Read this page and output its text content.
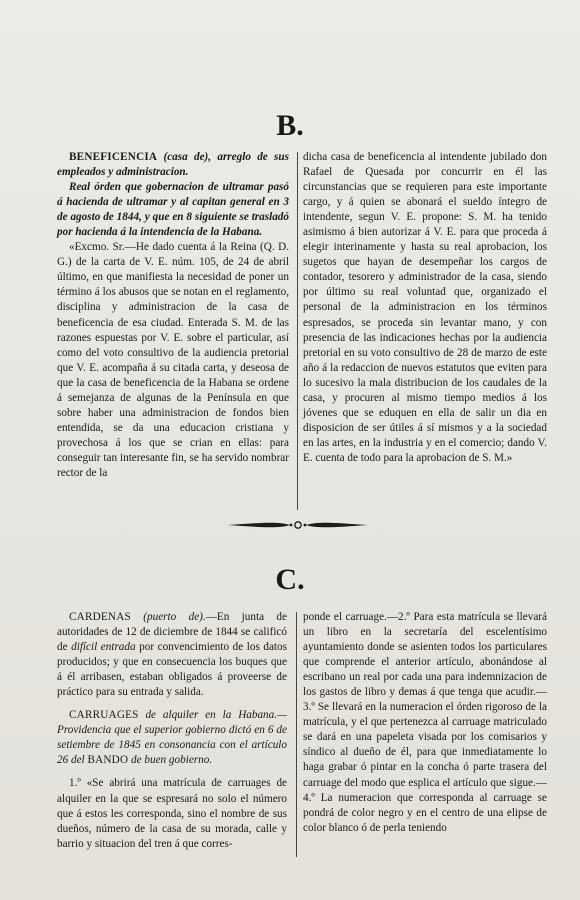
B.

BENEFICENCIA (casa de), arreglo de sus empleados y administracion.

Real órden que gobernacion de ultramar pasó á hacienda de ultramar y al capitan general en 3 de agosto de 1844, y que en 8 siguiente se trasladó por hacienda á la intendencia de la Habana.

«Excmo. Sr.—He dado cuenta á la Reina (Q. D. G.) de la carta de V. E. núm. 105, de 24 de abril último, en que manifiesta la necesidad de poner un término á los abusos que se notan en el reglamento, disciplina y administracion de la casa de beneficencia de esa ciudad. Enterada S. M. de las razones espuestas por V. E. sobre el particular, así como del voto consultivo de la audiencia pretorial que V. E. acompaña á su citada carta, y deseosa de que la casa de beneficencia de la Habana se ordene á semejanza de algunas de la Península en que sobre haber una administracion de fondos bien entendida, se da una educacion cristiana y provechosa á los que se crian en ellas: para conseguir tan interesante fin, se ha servido nombrar rector de la

dicha casa de beneficencia al intendente jubilado don Rafael de Quesada por concurrir en él las circunstancias que se requieren para este importante cargo, y á quien se abonará el sueldo íntegro de intendente, segun V. E. propone: S. M. ha tenido asimismo á bien autorizar á V. E. para que proceda á elegir interinamente y hasta su real aprobacion, los sugetos que hayan de desempeñar los cargos de contador, tesorero y administrador de la casa, siendo por último su real voluntad que, organizado el personal de la administracion en los términos espresados, se proceda sin levantar mano, y con presencia de las indicaciones hechas por la audiencia pretorial en su voto consultivo de 28 de marzo de este año á la redaccion de nuevos estatutos que eviten para lo sucesivo la mala distribucion de los caudales de la casa, y procuren al mismo tiempo medios á los jóvenes que se eduquen en ella de salir un dia en disposicion de ser útiles á sí mismos y a la sociedad en las artes, en la industria y en el comercio; dando V. E. cuenta de todo para la aprobacion de S. M.»

C.

CARDENAS (puerto de).—En junta de autoridades de 12 de diciembre de 1844 se calificó de difícil entrada por convencimiento de los datos producidos; y que en consecuencia los buques que á él arribasen, estaban obligados á proveerse de práctico para su entrada y salida.

CARRUAGES de alquiler en la Habana.—Providencia que el superior gobierno dictó en 6 de setiembre de 1845 en consonancia con el artículo 26 del BANDO de buen gobierno.

1.º «Se abrirá una matrícula de carruages de alquiler en la que se espresará no solo el número que á estos les corresponda, sino el nombre de sus dueños, número de la casa de su morada, calle y barrio y situacion del tren á que corres-

ponde el carruage.—2.º Para esta matrícula se llevará un libro en la secretaría del escelentísimo ayuntamiento donde se asienten todos los particulares que comprende el anterior artículo, abonándose al escribano un real por cada una para indemnizacion de los gastos de libro y demas á que tenga que acudir.—3.º Se llevará en la numeracion el órden rigoroso de la matrícula, y el que pertenezca al carruage matriculado se dará en una papeleta visada por los comisarios y síndico al dueño de él, para que inmediatamente lo haga grabar ó pintar en la concha ó parte trasera del carruage del modo que esplica el artículo que sigue.—4.º La numeracion que corresponda al carruage se pondrá de color negro y en el centro de una elipse de color blanco ó de perla teniendo
